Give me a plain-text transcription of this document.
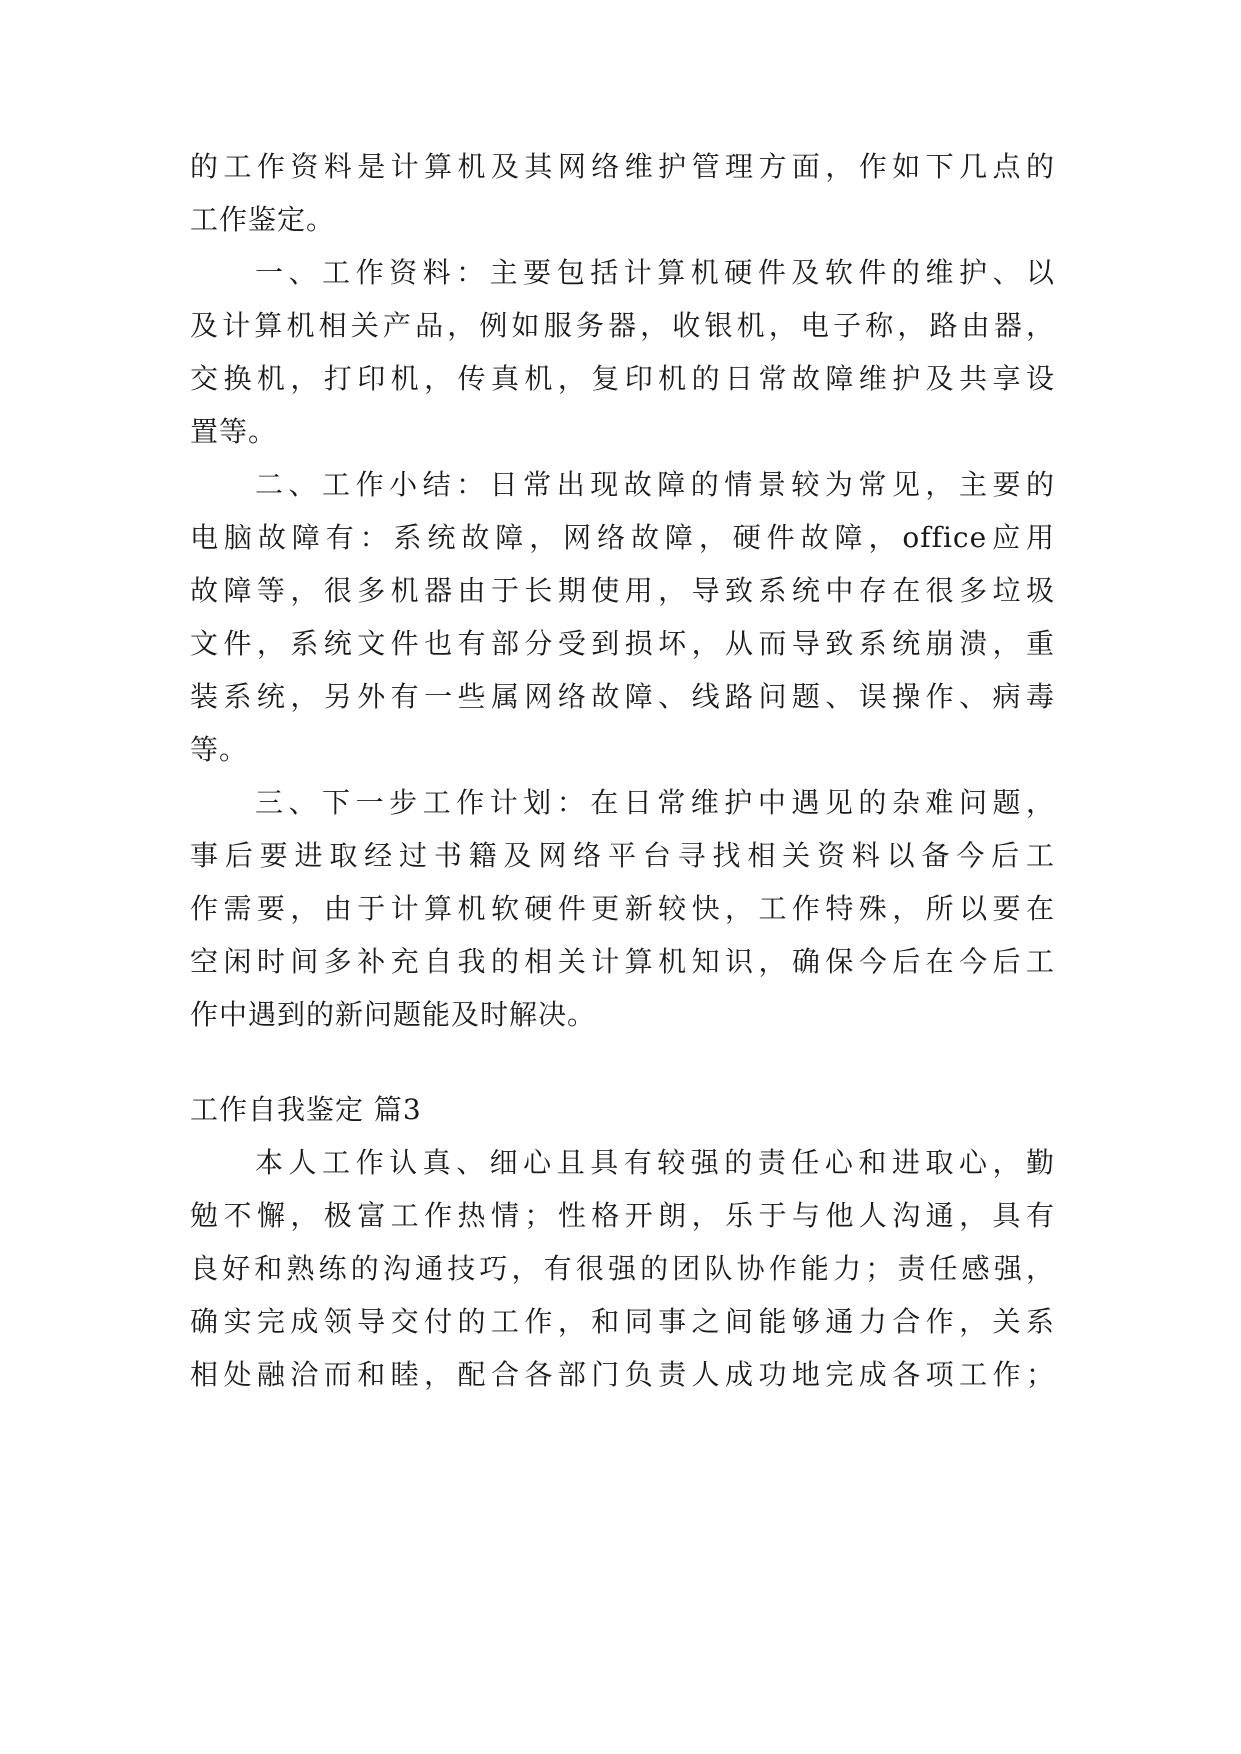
的工作资料是计算机及其网络维护管理方面，作如下几点的
工作鉴定。
一、工作资料：主要包括计算机硬件及软件的维护、以
及计算机相关产品，例如服务器，收银机，电子称，路由器，
交换机，打印机，传真机，复印机的日常故障维护及共享设
置等。
二、工作小结：日常出现故障的情景较为常见，主要的
电脑故障有：系统故障，网络故障，硬件故障，office应用
故障等，很多机器由于长期使用，导致系统中存在很多垃圾
文件，系统文件也有部分受到损坏，从而导致系统崩溃，重
装系统，另外有一些属网络故障、线路问题、误操作、病毒
等。
三、下一步工作计划：在日常维护中遇见的杂难问题，
事后要进取经过书籍及网络平台寻找相关资料以备今后工
作需要，由于计算机软硬件更新较快，工作特殊，所以要在
空闲时间多补充自我的相关计算机知识，确保今后在今后工
作中遇到的新问题能及时解决。
工作自我鉴定 篇3
本人工作认真、细心且具有较强的责任心和进取心，勤
勉不懈，极富工作热情；性格开朗，乐于与他人沟通，具有
良好和熟练的沟通技巧，有很强的团队协作能力；责任感强，
确实完成领导交付的工作，和同事之间能够通力合作，关系
相处融洽而和睦，配合各部门负责人成功地完成各项工作；
